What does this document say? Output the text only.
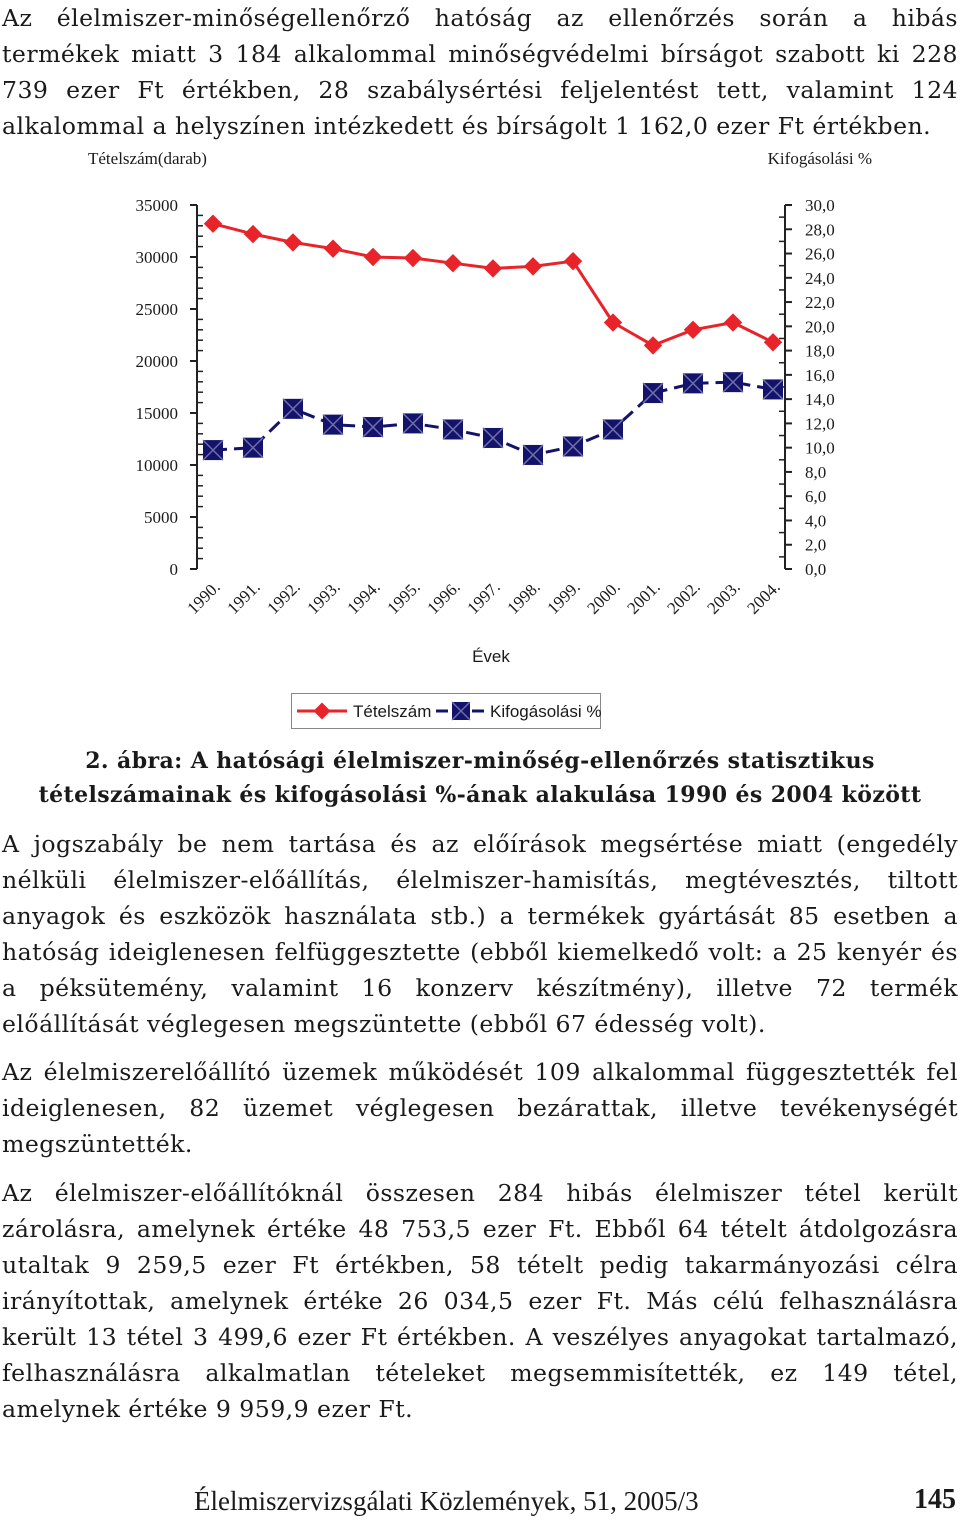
Az élelmiszer-minőségellenőrző hatóság az ellenőrzés során a hibás termékek miatt 3 184 alkalommal minőségvédelmi bírságot szabott ki 228 739 ezer Ft értékben, 28 szabálysértési feljelentést tett, valamint 124 alkalommal a helyszínen intézkedett és bírságolt 1 162,0 ezer Ft értékben.

0
5000
10000
15000
20000
25000
30000
35000
0,0
2,0
4,0
6,0
8,0
10,0
12,0
14,0
16,0
18,0
20,0
22,0
24,0
26,0
28,0
30,0
Tételszám(darab)	Kifogásolási %
Évek
1990. 1991. 1992. 1993. 1994. 1995. 1996. 1997. 1998. 1999. 2000. 2001. 2002. 2003. 2004.
Tételszám	Kifogásolási %
2. ábra: A hatósági élelmiszer-minőség-ellenőrzés statisztikus
tételszámainak és kifogásolási %-ának alakulása 1990 és 2004 között

A jogszabály be nem tartása és az előírások megsértése miatt (engedély nélküli élelmiszer-előállítás, élelmiszer-hamisítás, megtévesztés, tiltott anyagok és eszközök használata stb.) a termékek gyártását 85 esetben a hatóság ideiglenesen felfüggesztette (ebből kiemelkedő volt: a 25 kenyér és a péksütemény, valamint 16 konzerv készítmény), illetve 72 termék előállítását véglegesen megszüntette (ebből 67 édesség volt).

Az élelmiszerelőállító üzemek működését 109 alkalommal függesztették fel ideiglenesen, 82 üzemet véglegesen bezárattak, illetve tevékenységét megszüntették.

Az élelmiszer-előállítóknál összesen 284 hibás élelmiszer tétel került zárolásra, amelynek értéke 48 753,5 ezer Ft. Ebből 64 tételt átdolgozásra utaltak 9 259,5 ezer Ft értékben, 58 tételt pedig takarmányozási célra irányítottak, amelynek értéke 26 034,5 ezer Ft. Más célú felhasználásra került 13 tétel 3 499,6 ezer Ft értékben. A veszélyes anyagokat tartalmazó, felhasználásra alkalmatlan tételeket megsemmisítették, ez 149 tétel, amelynek értéke 9 959,9 ezer Ft.

Élelmiszervizsgálati Közlemények, 51, 2005/3	145
